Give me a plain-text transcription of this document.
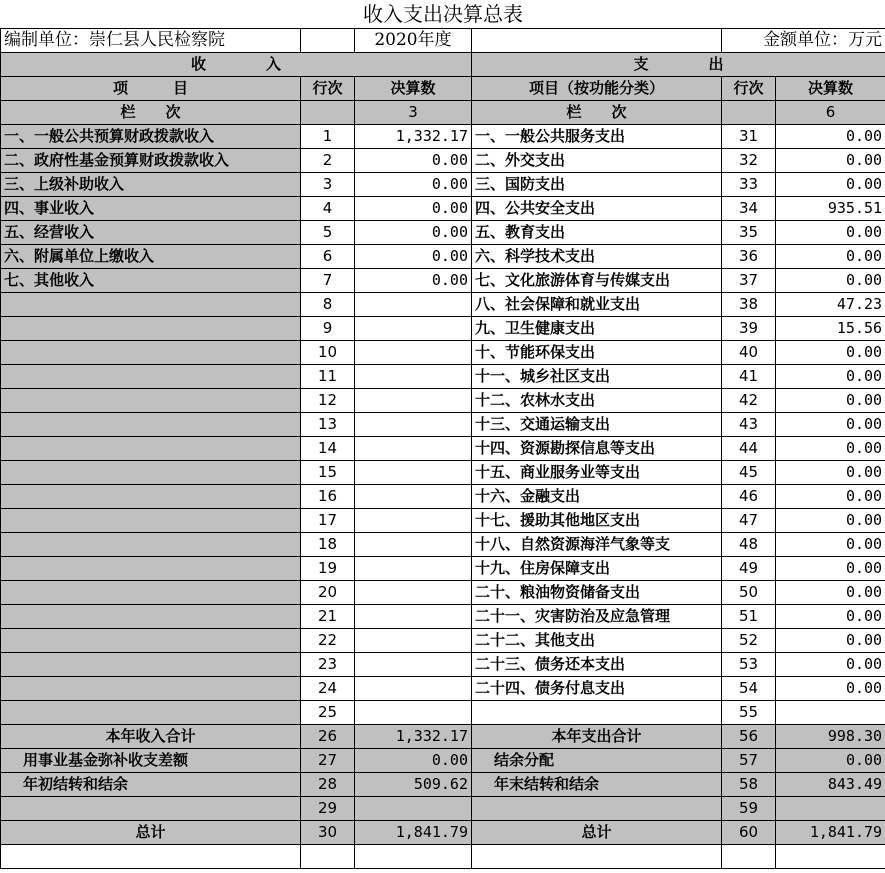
收入支出决算总表					
编制单位：崇仁县人民检察院		2020年度		金额单位：万元	
收　　　　入			支　　　　出		
项　　　目	行次	决算数	项目（按功能分类）	行次	决算数
栏　　次		3	栏　　次		6
一、一般公共预算财政拨款收入	1	1,332.17	一、一般公共服务支出	31	0.00
二、政府性基金预算财政拨款收入	2	0.00	二、外交支出	32	0.00
三、上级补助收入	3	0.00	三、国防支出	33	0.00
四、事业收入	4	0.00	四、公共安全支出	34	935.51
五、经营收入	5	0.00	五、教育支出	35	0.00
六、附属单位上缴收入	6	0.00	六、科学技术支出	36	0.00
七、其他收入	7	0.00	七、文化旅游体育与传媒支出	37	0.00
	8		八、社会保障和就业支出	38	47.23
	9		九、卫生健康支出	39	15.56
	10		十、节能环保支出	40	0.00
	11		十一、城乡社区支出	41	0.00
	12		十二、农林水支出	42	0.00
	13		十三、交通运输支出	43	0.00
	14		十四、资源勘探信息等支出	44	0.00
	15		十五、商业服务业等支出	45	0.00
	16		十六、金融支出	46	0.00
	17		十七、援助其他地区支出	47	0.00
	18		十八、自然资源海洋气象等支	48	0.00
	19		十九、住房保障支出	49	0.00
	20		二十、粮油物资储备支出	50	0.00
	21		二十一、灾害防治及应急管理	51	0.00
	22		二十二、其他支出	52	0.00
	23		二十三、债务还本支出	53	0.00
	24		二十四、债务付息支出	54	0.00
	25			55	
本年收入合计	26	1,332.17	本年支出合计	56	998.30
用事业基金弥补收支差额	27	0.00	结余分配	57	0.00
年初结转和结余	28	509.62	年末结转和结余	58	843.49
	29			59	
总计	30	1,841.79	总计	60	1,841.79
